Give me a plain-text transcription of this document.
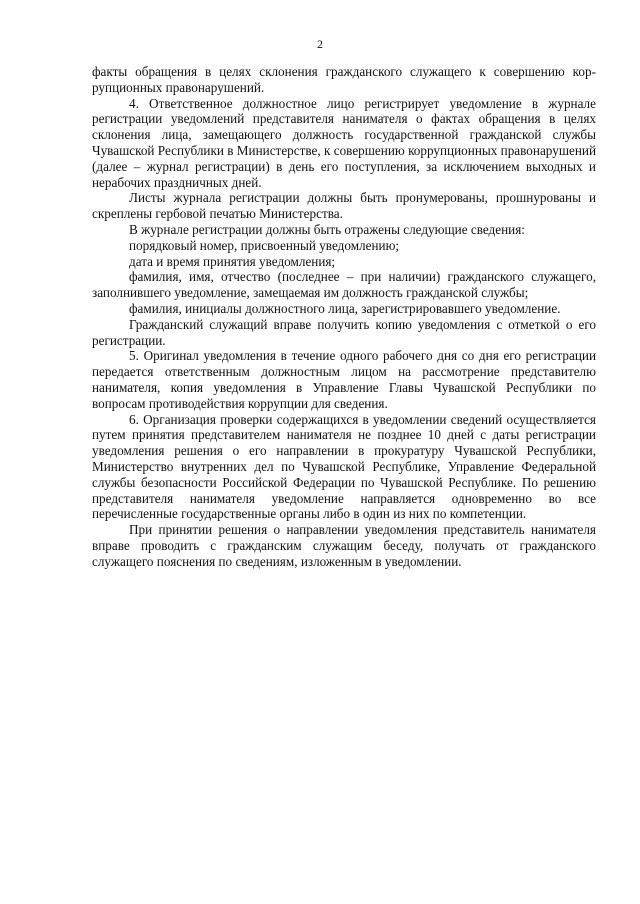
2

факты обращения в целях склонения гражданского служащего к совершению коррупционных правонарушений.

4. Ответственное должностное лицо регистрирует уведомление в журнале регистрации уведомлений представителя нанимателя о фактах обращения в целях склонения лица, замещающего должность государственной гражданской службы Чувашской Республики в Министерстве, к совершению коррупционных правонарушений (далее – журнал регистрации) в день его поступления, за исключением выходных и нерабочих праздничных дней.

Листы журнала регистрации должны быть пронумерованы, прошнурованы и скреплены гербовой печатью Министерства.

В журнале регистрации должны быть отражены следующие сведения:

порядковый номер, присвоенный уведомлению;

дата и время принятия уведомления;

фамилия, имя, отчество (последнее – при наличии) гражданского служащего, заполнившего уведомление, замещаемая им должность гражданской службы;

фамилия, инициалы должностного лица, зарегистрировавшего уведомление.

Гражданский служащий вправе получить копию уведомления с отметкой о его регистрации.

5. Оригинал уведомления в течение одного рабочего дня со дня его регистрации передается ответственным должностным лицом на рассмотрение представителю нанимателя, копия уведомления в Управление Главы Чувашской Республики по вопросам противодействия коррупции для сведения.

6. Организация проверки содержащихся в уведомлении сведений осуществляется путем принятия представителем нанимателя не позднее 10 дней с даты регистрации уведомления решения о его направлении в прокуратуру Чувашской Республики, Министерство внутренних дел по Чувашской Республике, Управление Федеральной службы безопасности Российской Федерации по Чувашской Республике. По решению представителя нанимателя уведомление направляется одновременно во все перечисленные государственные органы либо в один из них по компетенции.

При принятии решения о направлении уведомления представитель нанимателя вправе проводить с гражданским служащим беседу, получать от гражданского служащего пояснения по сведениям, изложенным в уведомлении.
